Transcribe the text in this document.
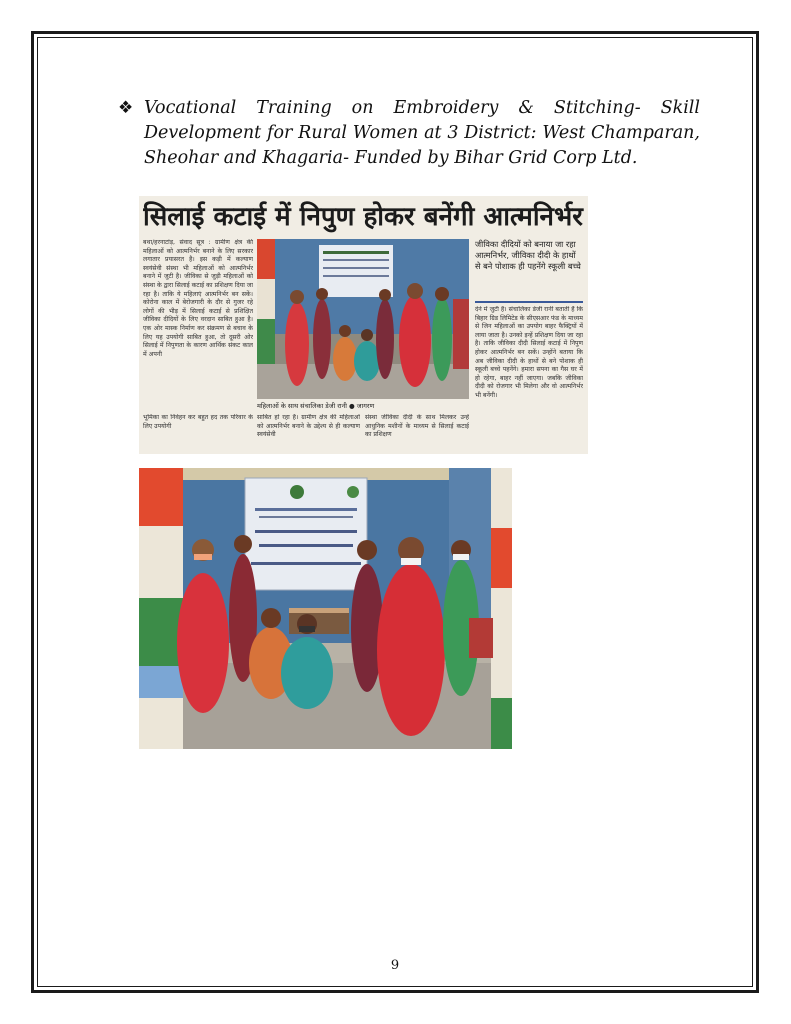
❖ Vocational Training on Embroidery & Stitching- Skill Development for Rural Women at 3 District: West Champaran, Sheohar and Khagaria- Funded by Bihar Grid Corp Ltd.
सिलाई कटाई में निपुण होकर बनेंगी आत्मनिर्भर
बथा/हरनाटांड़, संवाद सूत्र : ग्रामीण क्षेत्र की महिलाओं को आत्मनिर्भर बनाने के लिए सरकार लगातार प्रयासरत है। इस कड़ी में कल्याण स्वयंसेवी संस्था भी महिलाओं को आत्मनिर्भर बनाने में जुटी है। जीविका से जुड़ी महिलाओं को संस्था के द्वारा सिलाई कटाई का प्रशिक्षण दिया जा रहा है। ताकि ये महिलाएं आत्मनिर्भर बन सकें। कोरोना काल में बेरोजगारी के दौर से गुजर रहे लोगों की भीड़ में सिलाई कटाई से प्रशिक्षित जीविका दीदियों के लिए वरदान साबित हुआ है। एक ओर मास्क निर्माण कर संक्रमण से बचाव के लिए यह उपयोगी साबित हुआ, तो दूसरी ओर सिलाई में निपुणता के कारण आर्थिक संकट काल में अपनी
महिलाओं के साथ संचालिका डेजी रानी ● जागरण
जीविका दीदियों को बनाया जा रहा आत्मनिर्भर, जीविका दीदी के हाथों से बने पोशाक ही पहनेंगे स्कूली बच्चे
देने में जुटी है। संचालिका डेजी रानी बताती हैं कि बिहार ग्रिड लिमिटेड के सीएसआर फंड के माध्यम से जिन महिलाओं का उपयोग बाहर फैक्ट्रियों में लाया जाता है। उनको इन्हें प्रशिक्षण दिया जा रहा है। ताकि जीविका दीदी सिलाई कटाई में निपुण होकर आत्मनिर्भर बन सकें। उन्होंने बताया कि अब जीविका दीदी के हाथों से बने पोशाक ही स्कूली बच्चे पहनेंगे। हमारा सपना का गैस घर में हो रहेगा, बाहर नहीं जाएगा। जबकि जीविका दीदी को रोजगार भी मिलेगा और वो आत्मनिर्भर भी बनेंगी।
भूमिका का निर्वहन कर बहुत हद तक परिवार के लिए उपयोगी
साबित हो रहा है। ग्रामीण क्षेत्र की महिलाओं को आत्मनिर्भर बनाने के उद्देश्य से ही कल्याण स्वयंसेवी
संस्था जीविका दीदी के साथ मिलकर उन्हें आधुनिक मशीनों के माध्यम से सिलाई कटाई का प्रशिक्षण
9
